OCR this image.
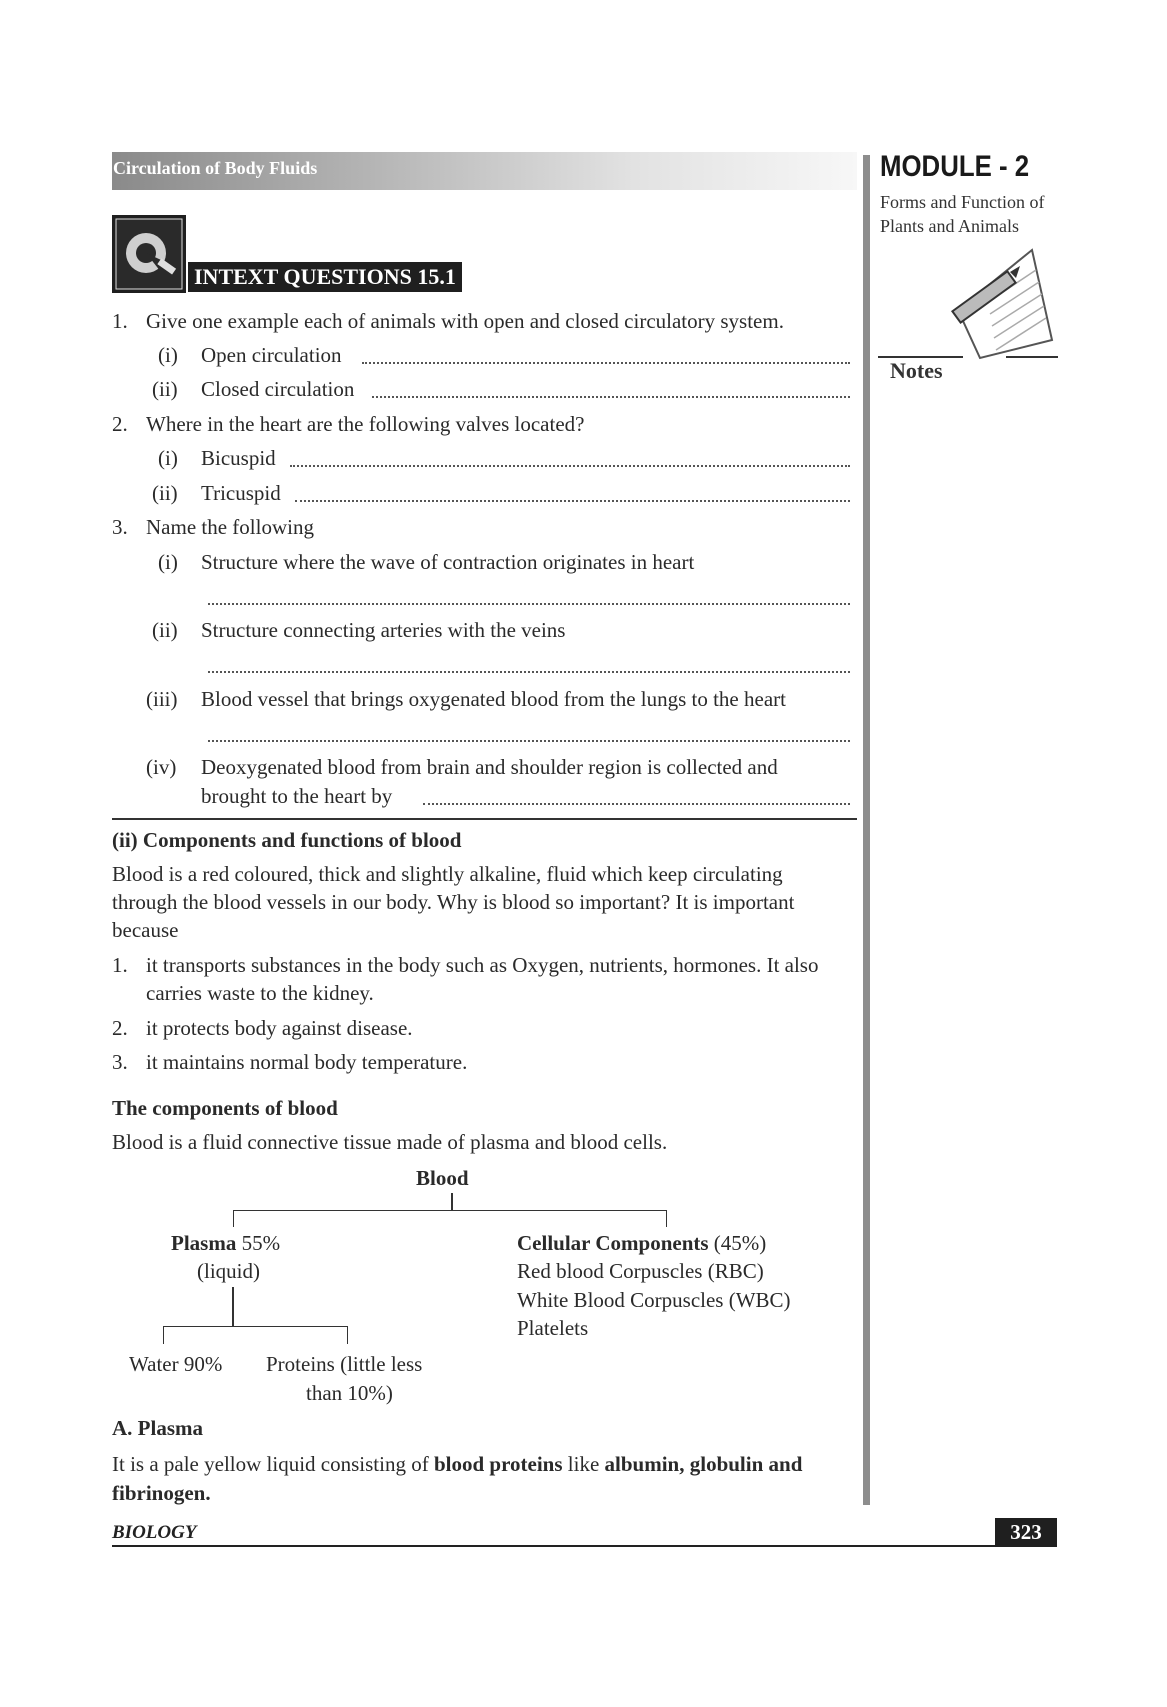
Circulation of Body Fluids	MODULE - 2
Forms and Function of
Plants and Animals
Notes
INTEXT QUESTIONS 15.1
1. Give one example each of animals with open and closed circulatory system.
(i) Open circulation
(ii) Closed circulation
2. Where in the heart are the following valves located?
(i) Bicuspid
(ii) Tricuspid
3. Name the following
(i) Structure where the wave of contraction originates in heart
(ii) Structure connecting arteries with the veins
(iii) Blood vessel that brings oxygenated blood from the lungs to the heart
(iv) Deoxygenated blood from brain and shoulder region is collected and
brought to the heart by
(ii) Components and functions of blood
Blood is a red coloured, thick and slightly alkaline, fluid which keep circulating
through the blood vessels in our body. Why is blood so important? It is important
because
1. it transports substances in the body such as Oxygen, nutrients, hormones. It also
carries waste to the kidney.
2. it protects body against disease.
3. it maintains normal body temperature.
The components of blood
Blood is a fluid connective tissue made of plasma and blood cells.
Blood
Plasma 55%
(liquid)
Water 90% Proteins (little less
than 10%)
Cellular Components (45%)
Red blood Corpuscles (RBC)
White Blood Corpuscles (WBC)
Platelets
A. Plasma
It is a pale yellow liquid consisting of blood proteins like albumin, globulin and
fibrinogen.
BIOLOGY	323
